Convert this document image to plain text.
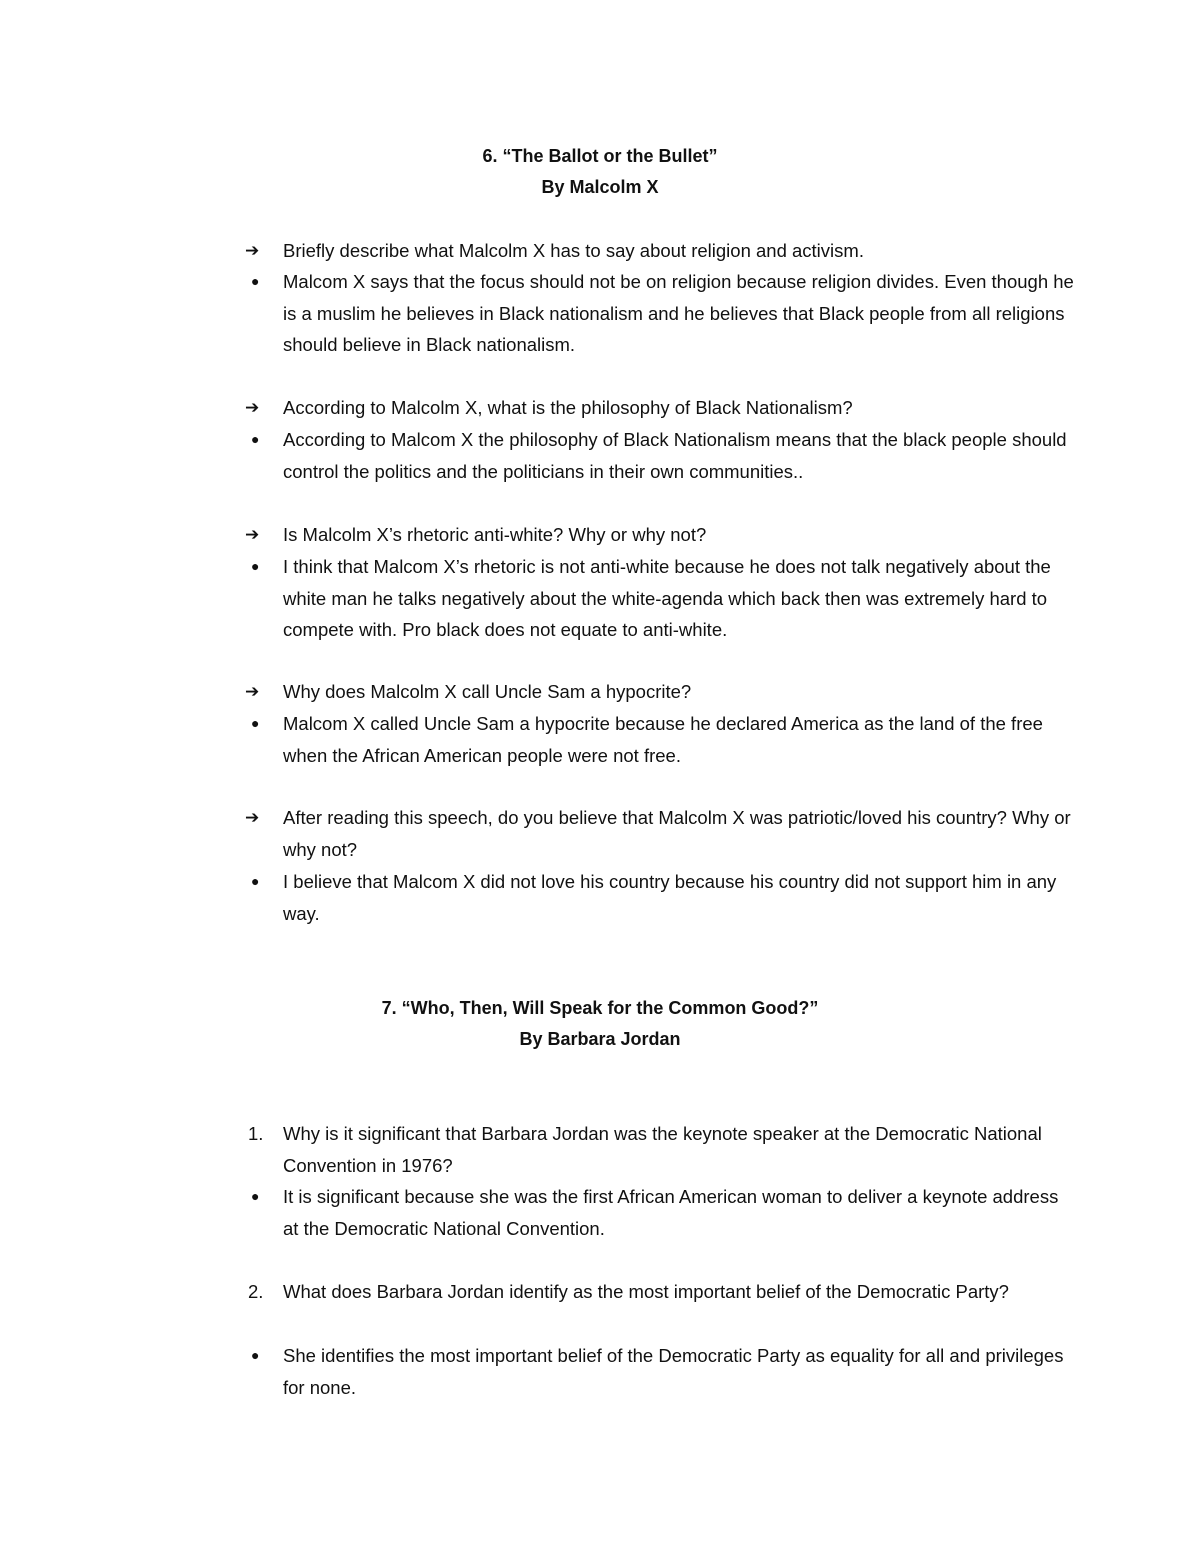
6. “The Ballot or the Bullet”
By Malcolm X
➔	Briefly describe what Malcolm X has to say about religion and activism.
●	Malcom X says that the focus should not be on religion because religion divides. Even though he is a muslim he believes in Black nationalism and he believes that Black people from all religions should believe in Black nationalism.
➔	According to Malcolm X, what is the philosophy of Black Nationalism?
●	According to Malcom X the philosophy of Black Nationalism means that the black people should control the politics and the politicians in their own communities..
➔	Is Malcolm X’s rhetoric anti-white? Why or why not?
●	I think that Malcom X’s rhetoric is not anti-white because he does not talk negatively about the white man he talks negatively about the white-agenda which back then was extremely hard to compete with. Pro black does not equate to anti-white.
➔	Why does Malcolm X call Uncle Sam a hypocrite?
●	Malcom X called Uncle Sam a hypocrite because he declared America as the land of the free when the African American people were not free.
➔	After reading this speech, do you believe that Malcolm X was patriotic/loved his country? Why or why not?
●	I believe that Malcom X did not love his country because his country did not support him in any way.
7. “Who, Then, Will Speak for the Common Good?”
By Barbara Jordan
1.	Why is it significant that Barbara Jordan was the keynote speaker at the Democratic National Convention in 1976?
●	It is significant because she was the first African American woman to deliver a keynote address at the Democratic National Convention.
2.	What does Barbara Jordan identify as the most important belief of the Democratic Party?
●	She identifies the most important belief of the Democratic Party as equality for all and privileges for none.
